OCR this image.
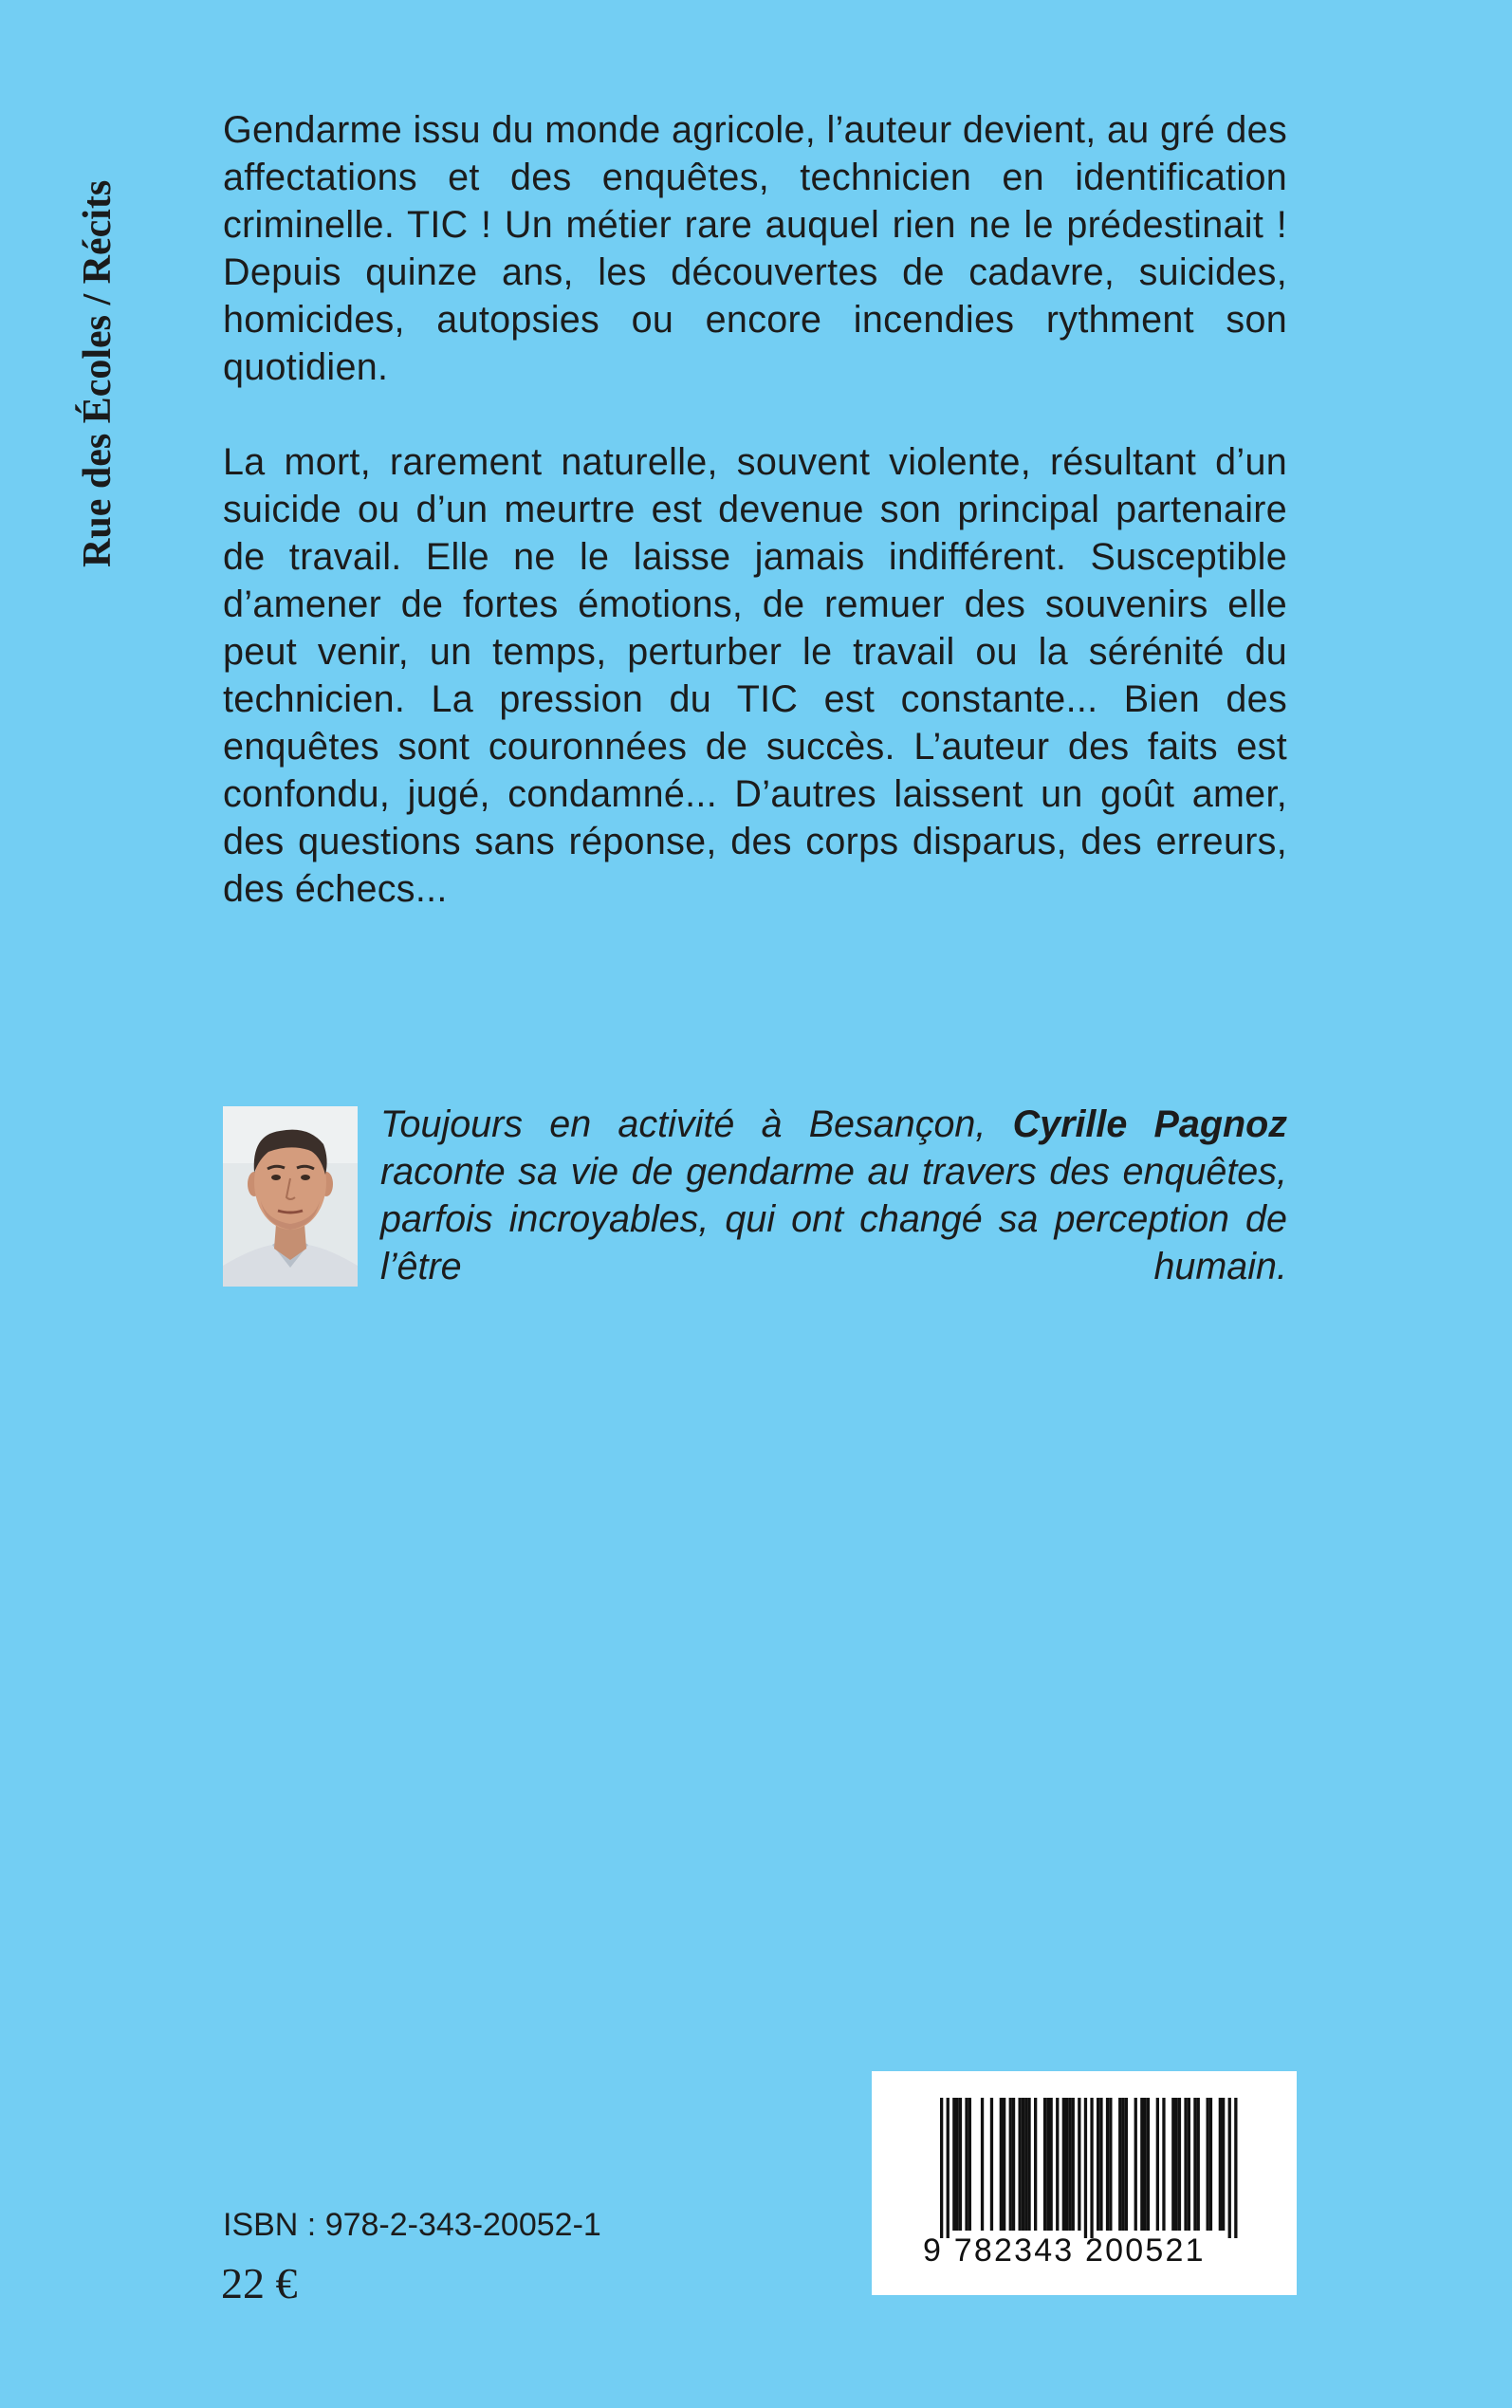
Rue des Écoles / Récits

Gendarme issu du monde agricole, l’auteur devient, au gré des affectations et des enquêtes, technicien en identification criminelle. TIC ! Un métier rare auquel rien ne le prédestinait ! Depuis quinze ans, les découvertes de cadavre, suicides, homicides, autopsies ou encore incendies rythment son quotidien.

La mort, rarement naturelle, souvent violente, résultant d’un suicide ou d’un meurtre est devenue son principal partenaire de travail. Elle ne le laisse jamais indifférent. Susceptible d’amener de fortes émotions, de remuer des souvenirs elle peut venir, un temps, perturber le travail ou la sérénité du technicien. La pression du TIC est constante... Bien des enquêtes sont couronnées de succès. L’auteur des faits est confondu, jugé, condamné... D’autres laissent un goût amer, des questions sans réponse, des corps disparus, des erreurs, des échecs...

Toujours en activité à Besançon, Cyrille Pagnoz raconte sa vie de gendarme au travers des enquêtes, parfois incroyables, qui ont changé sa perception de l’être humain.

ISBN : 978-2-343-20052-1
22 €
9 782343 200521
